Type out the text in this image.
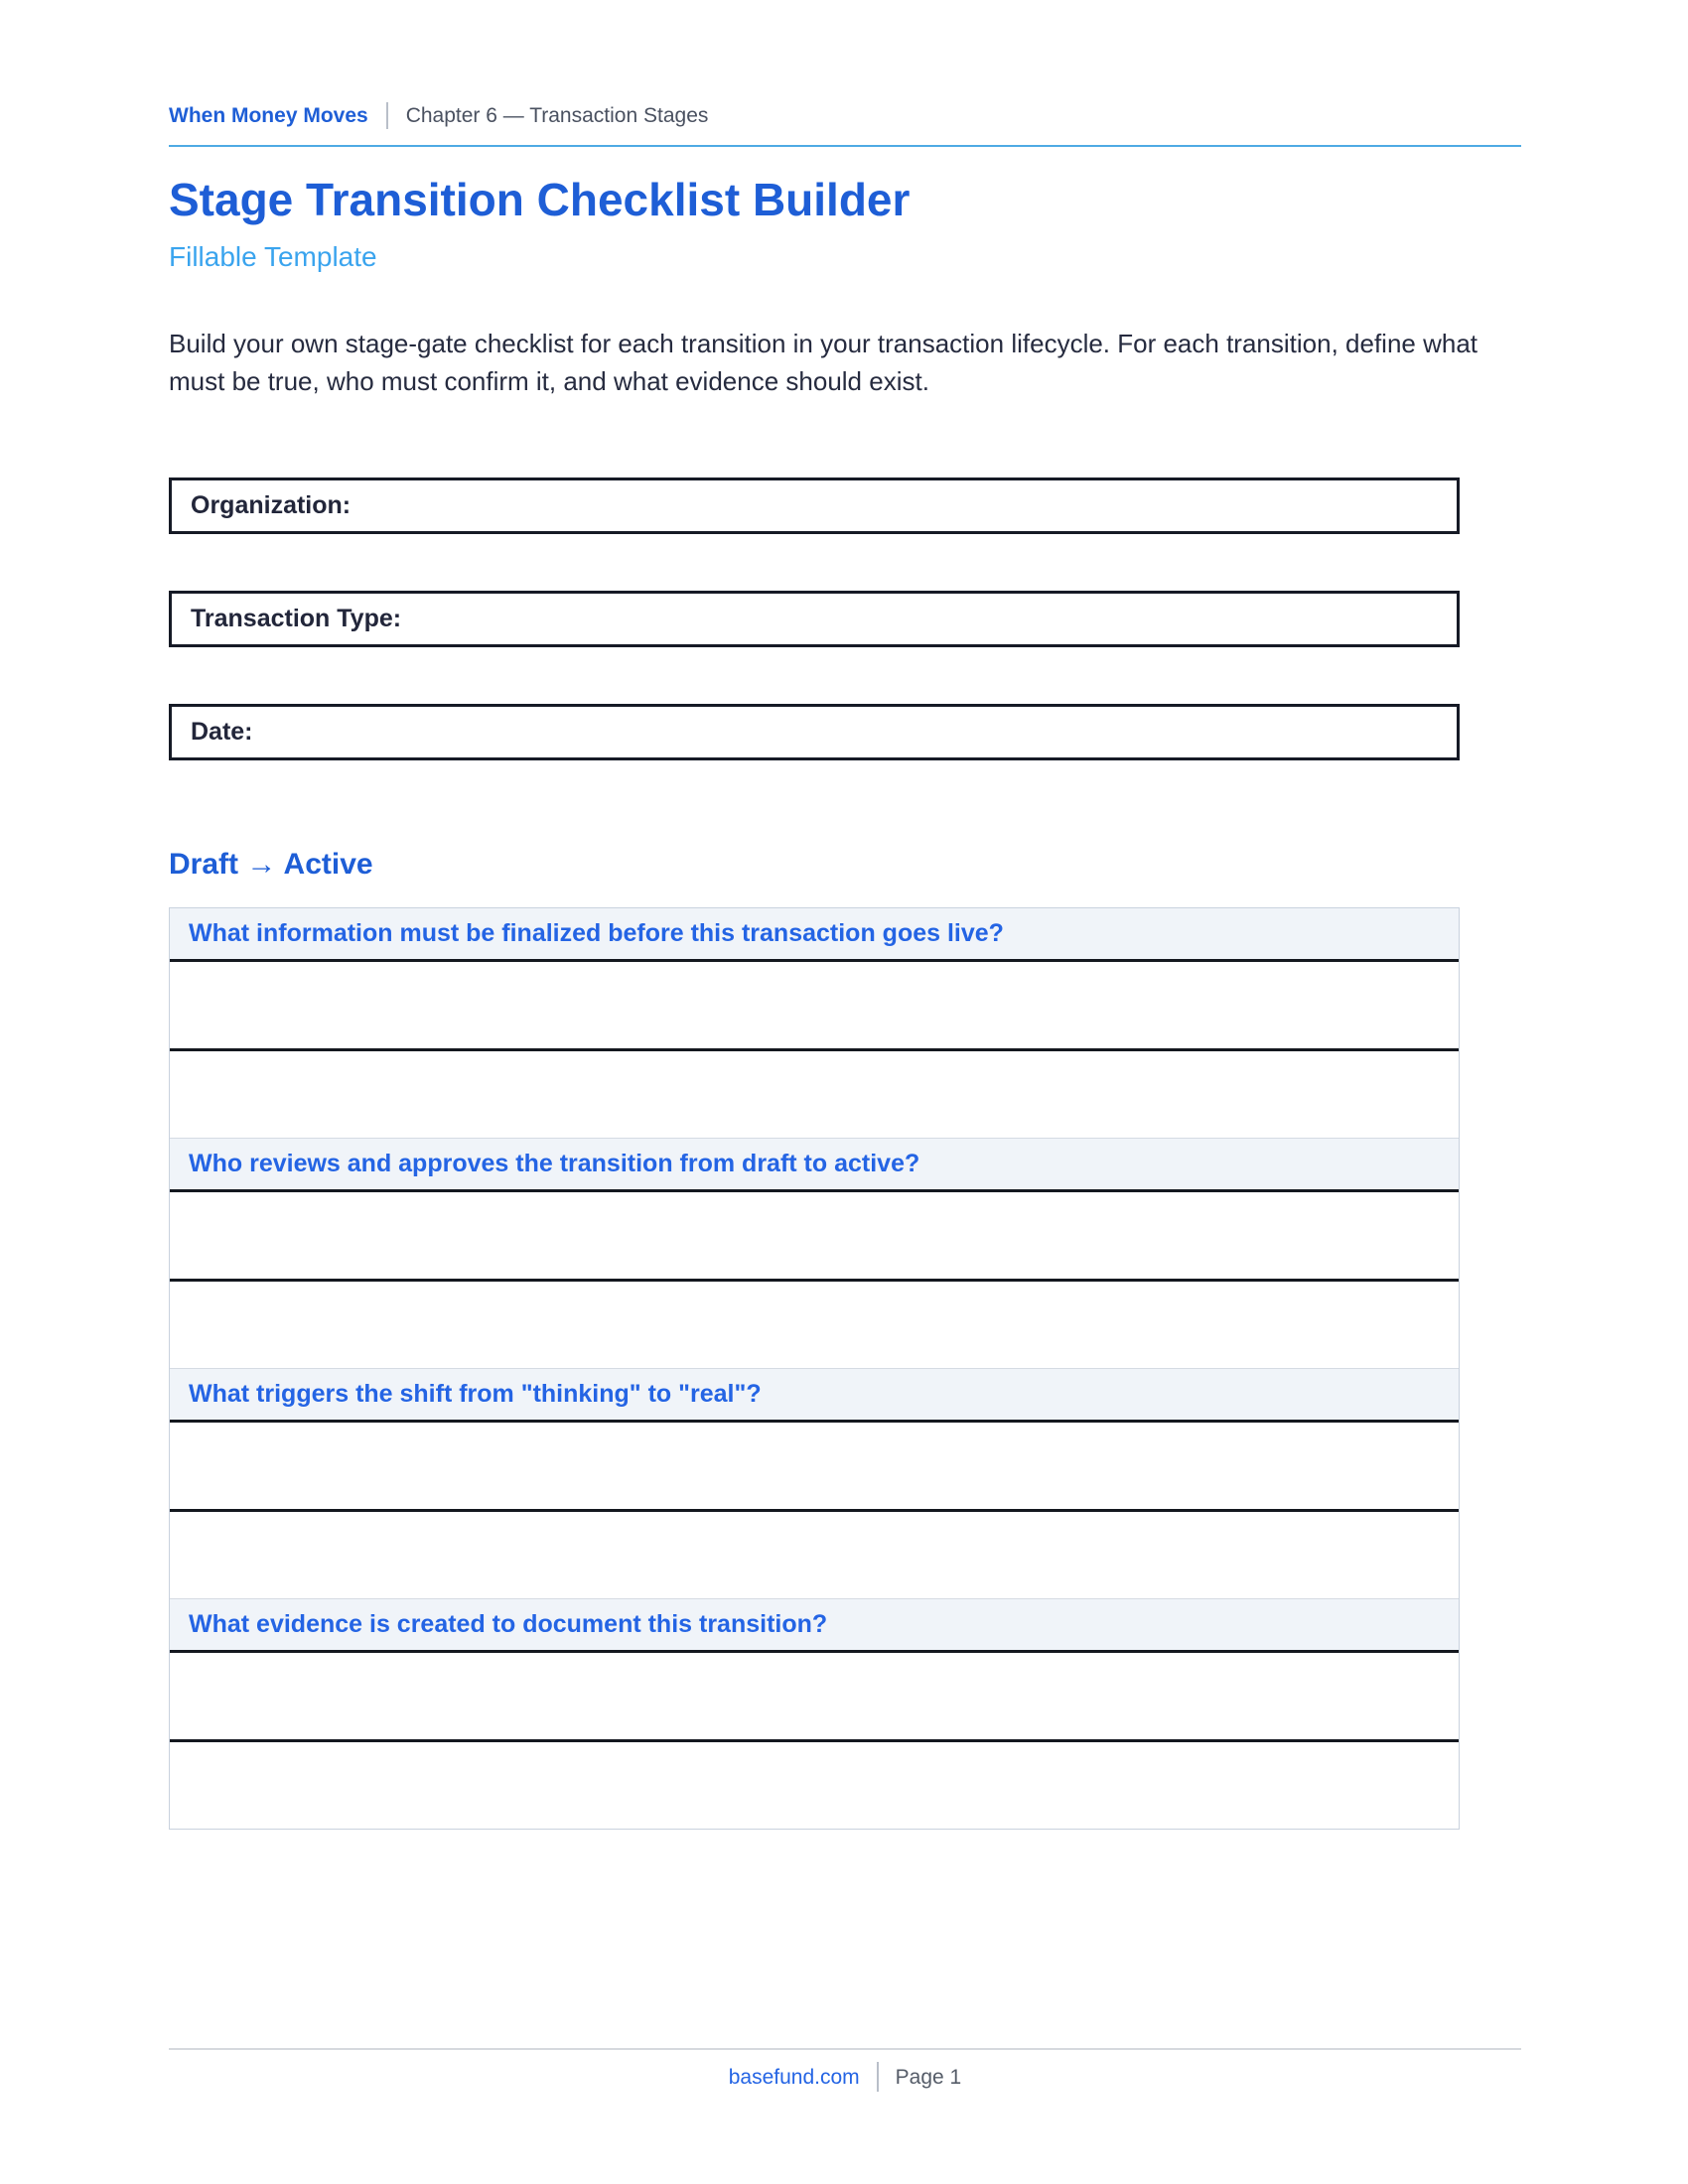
When Money Moves Chapter 6 — Transaction Stages
Stage Transition Checklist Builder
Fillable Template

Build your own stage-gate checklist for each transition in your transaction lifecycle. For each transition, define what must be true, who must confirm it, and what evidence should exist.

Organization:
Transaction Type:
Date:
Draft → Active
What information must be finalized before this transaction goes live?
Who reviews and approves the transition from draft to active?
What triggers the shift from "thinking" to "real"?
What evidence is created to document this transition?
basefund.com Page 1
